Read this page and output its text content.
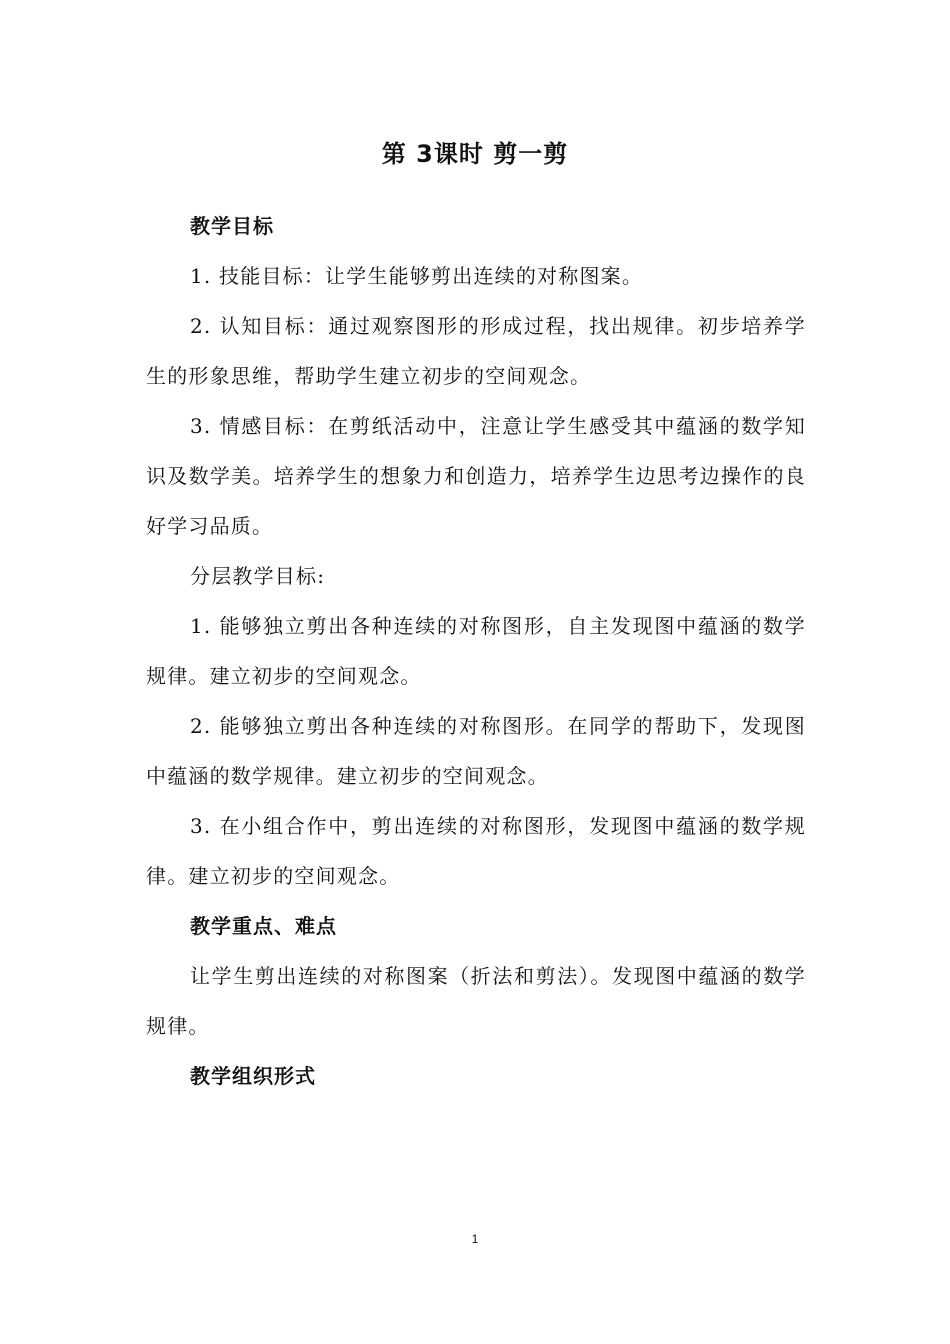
第 3课时 剪一剪

教学目标

1. 技能目标：让学生能够剪出连续的对称图案。

2. 认知目标：通过观察图形的形成过程，找出规律。初步培养学生的形象思维，帮助学生建立初步的空间观念。

3. 情感目标：在剪纸活动中，注意让学生感受其中蕴涵的数学知识及数学美。培养学生的想象力和创造力，培养学生边思考边操作的良好学习品质。

分层教学目标:

1. 能够独立剪出各种连续的对称图形，自主发现图中蕴涵的数学规律。建立初步的空间观念。

2. 能够独立剪出各种连续的对称图形。在同学的帮助下，发现图中蕴涵的数学规律。建立初步的空间观念。

3. 在小组合作中，剪出连续的对称图形，发现图中蕴涵的数学规律。建立初步的空间观念。

教学重点、难点

让学生剪出连续的对称图案（折法和剪法）。发现图中蕴涵的数学规律。

教学组织形式

1
